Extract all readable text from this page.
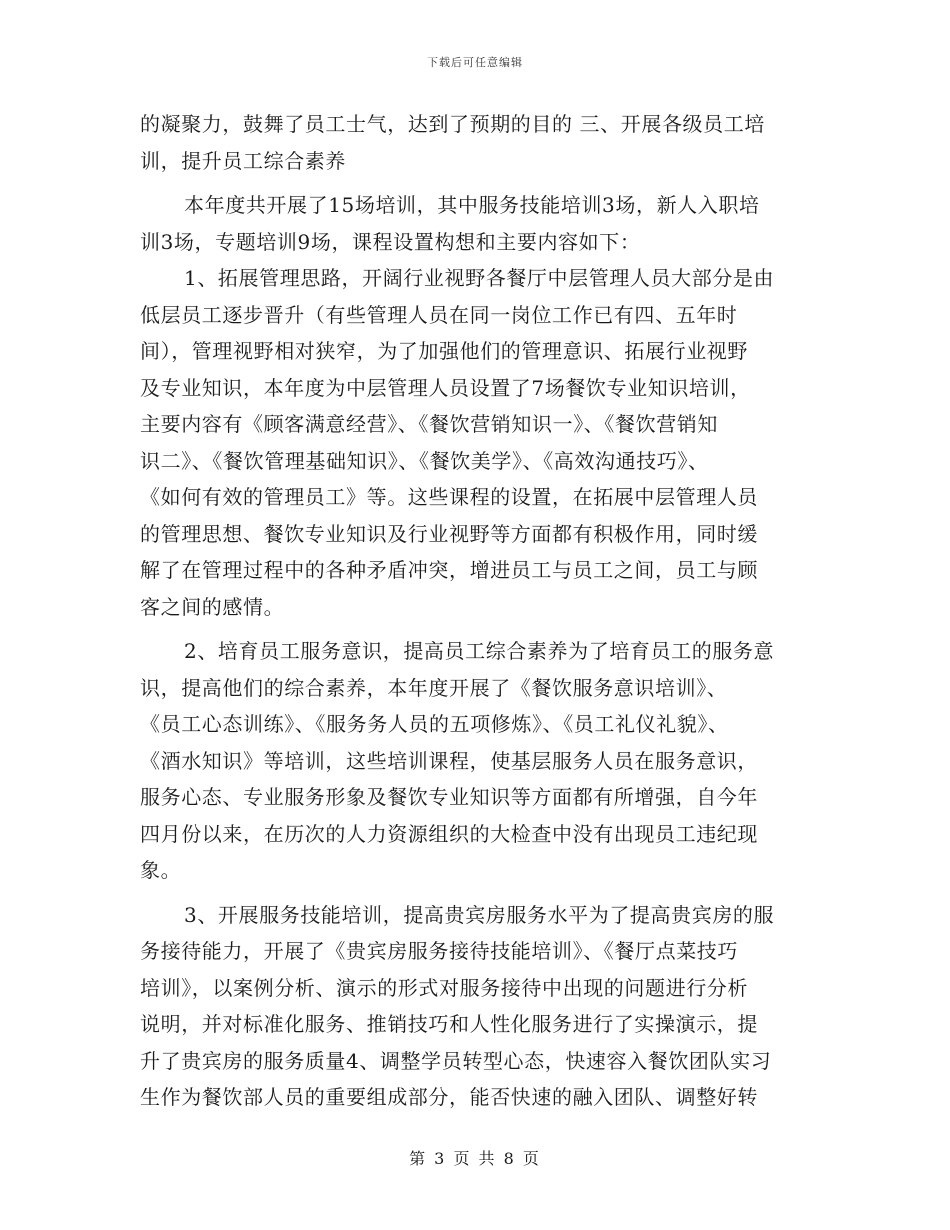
下载后可任意编辑
的凝聚力，鼓舞了员工士气，达到了预期的目的 三、开展各级员工培
训，提升员工综合素养
本年度共开展了15场培训，其中服务技能培训3场，新人入职培
训3场，专题培训9场，课程设置构想和主要内容如下：
1、拓展管理思路，开阔行业视野各餐厅中层管理人员大部分是由
低层员工逐步晋升（有些管理人员在同一岗位工作已有四、五年时
间），管理视野相对狭窄，为了加强他们的管理意识、拓展行业视野
及专业知识，本年度为中层管理人员设置了7场餐饮专业知识培训，
主要内容有《顾客满意经营》、《餐饮营销知识一》、《餐饮营销知
识二》、《餐饮管理基础知识》、《餐饮美学》、《高效沟通技巧》、
《如何有效的管理员工》等。这些课程的设置，在拓展中层管理人员
的管理思想、餐饮专业知识及行业视野等方面都有积极作用，同时缓
解了在管理过程中的各种矛盾冲突，增进员工与员工之间，员工与顾
客之间的感情。
2、培育员工服务意识，提高员工综合素养为了培育员工的服务意
识，提高他们的综合素养，本年度开展了《餐饮服务意识培训》、
《员工心态训练》、《服务务人员的五项修炼》、《员工礼仪礼貌》、
《酒水知识》等培训，这些培训课程，使基层服务人员在服务意识，
服务心态、专业服务形象及餐饮专业知识等方面都有所增强，自今年
四月份以来，在历次的人力资源组织的大检查中没有出现员工违纪现
象。
3、开展服务技能培训，提高贵宾房服务水平为了提高贵宾房的服
务接待能力，开展了《贵宾房服务接待技能培训》、《餐厅点菜技巧
培训》，以案例分析、演示的形式对服务接待中出现的问题进行分析
说明，并对标准化服务、推销技巧和人性化服务进行了实操演示，提
升了贵宾房的服务质量4、调整学员转型心态，快速容入餐饮团队实习
生作为餐饮部人员的重要组成部分，能否快速的融入团队、调整好转
第 3 页 共 8 页
